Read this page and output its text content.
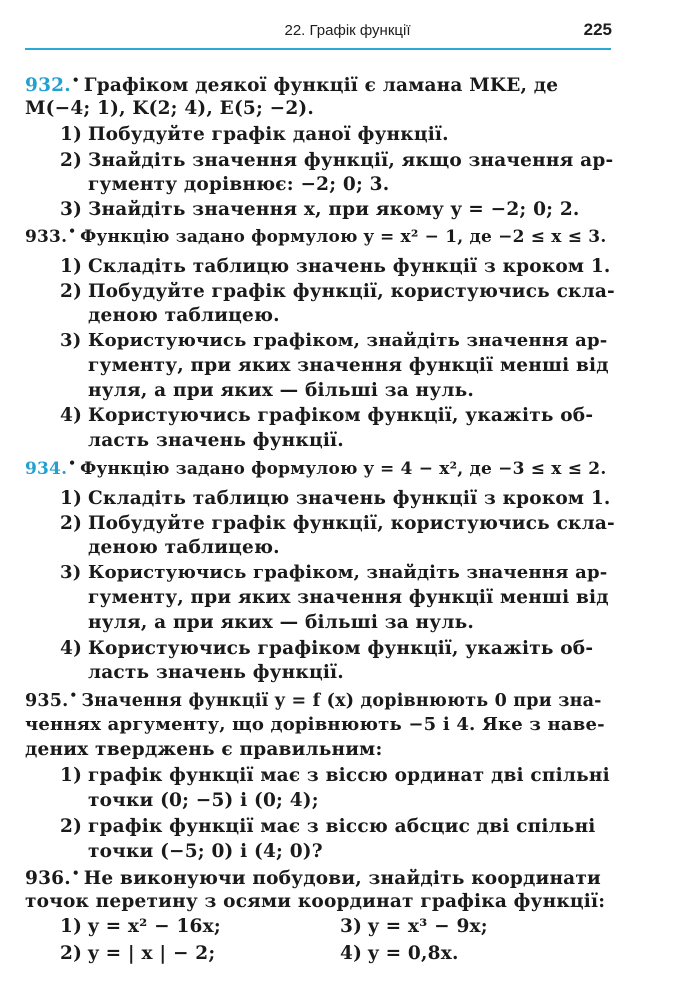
22. Графік функції	225
932.• Графіком деякої функції є ламана MKE, де
M(−4; 1), K(2; 4), E(5; −2).
1) Побудуйте графік даної функції.
2) Знайдіть значення функції, якщо значення ар-
гументу дорівнює: −2; 0; 3.
3) Знайдіть значення x, при якому y = −2; 0; 2.
933.• Функцію задано формулою y = x² − 1, де −2 ≤ x ≤ 3.
1) Складіть таблицю значень функції з кроком 1.
2) Побудуйте графік функції, користуючись скла-
деною таблицею.
3) Користуючись графіком, знайдіть значення ар-
гументу, при яких значення функції менші від
нуля, а при яких — більші за нуль.
4) Користуючись графіком функції, укажіть об-
ласть значень функції.
934.• Функцію задано формулою y = 4 − x², де −3 ≤ x ≤ 2.
1) Складіть таблицю значень функції з кроком 1.
2) Побудуйте графік функції, користуючись скла-
деною таблицею.
3) Користуючись графіком, знайдіть значення ар-
гументу, при яких значення функції менші від
нуля, а при яких — більші за нуль.
4) Користуючись графіком функції, укажіть об-
ласть значень функції.
935.• Значення функції y = f (x) дорівнюють 0 при зна-
ченнях аргументу, що дорівнюють −5 і 4. Яке з наве-
дених тверджень є правильним:
1) графік функції має з віссю ординат дві спільні
точки (0; −5) і (0; 4);
2) графік функції має з віссю абсцис дві спільні
точки (−5; 0) і (4; 0)?
936.• Не виконуючи побудови, знайдіть координати
точок перетину з осями координат графіка функції:
1) y = x² − 16x;	3) y = x³ − 9x;
2) y = | x | − 2;	4) y = 0,8x.
